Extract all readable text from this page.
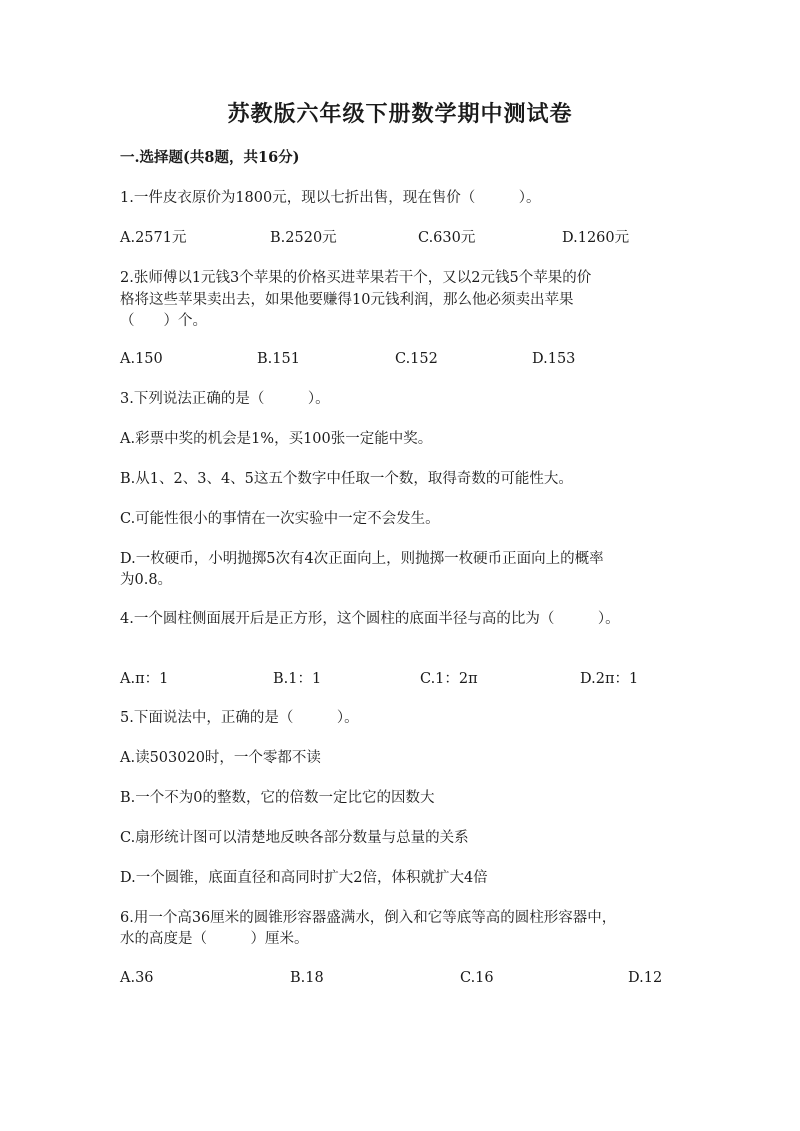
苏教版六年级下册数学期中测试卷
一.选择题(共8题，共16分)
1.一件皮衣原价为1800元，现以七折出售，现在售价（　　　）。
A.2571元	B.2520元	C.630元	D.1260元
2.张师傅以1元钱3个苹果的价格买进苹果若干个，又以2元钱5个苹果的价
格将这些苹果卖出去，如果他要赚得10元钱利润，那么他必须卖出苹果
（　　）个。
A.150	B.151	C.152	D.153
3.下列说法正确的是（　　　）。
A.彩票中奖的机会是1%，买100张一定能中奖。
B.从1、2、3、4、5这五个数字中任取一个数，取得奇数的可能性大。
C.可能性很小的事情在一次实验中一定不会发生。
D.一枚硬币，小明抛掷5次有4次正面向上，则抛掷一枚硬币正面向上的概率
为0.8。
4.一个圆柱侧面展开后是正方形，这个圆柱的底面半径与高的比为（　　　）。
A.π：1	B.1：1	C.1：2π	D.2π：1
5.下面说法中，正确的是（　　　）。
A.读503020时，一个零都不读
B.一个不为0的整数，它的倍数一定比它的因数大
C.扇形统计图可以清楚地反映各部分数量与总量的关系
D.一个圆锥，底面直径和高同时扩大2倍，体积就扩大4倍
6.用一个高36厘米的圆锥形容器盛满水，倒入和它等底等高的圆柱形容器中，
水的高度是（　　　）厘米。
A.36	B.18	C.16	D.12
